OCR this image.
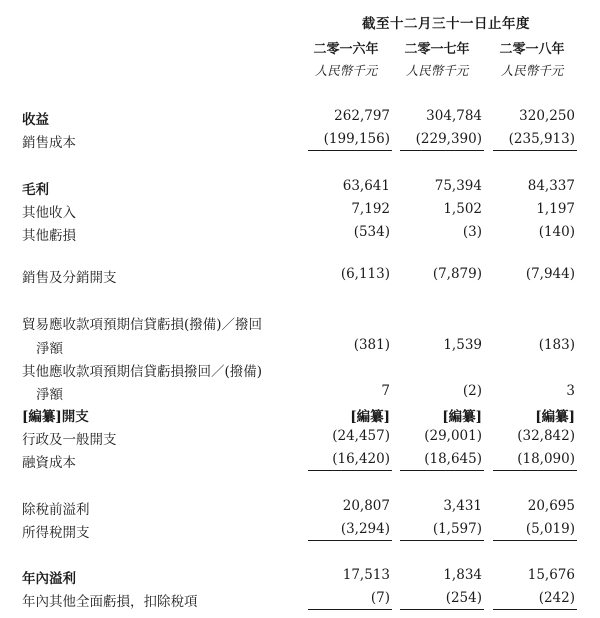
截至十二月三十一日止年度
二零一六年	二零一七年	二零一八年
人民幣千元	人民幣千元	人民幣千元
收益	262,797	304,784	320,250
銷售成本	(199,156)	(229,390)	(235,913)
毛利	63,641	75,394	84,337
其他收入	7,192	1,502	1,197
其他虧損	(534)	(3)	(140)
銷售及分銷開支	(6,113)	(7,879)	(7,944)
貿易應收款項預期信貸虧損(撥備)／撥回
淨額	(381)	1,539	(183)
其他應收款項預期信貸虧損撥回／(撥備)
淨額	7	(2)	3
[編纂]開支	[編纂]	[編纂]	[編纂]
行政及一般開支	(24,457)	(29,001)	(32,842)
融資成本	(16,420)	(18,645)	(18,090)
除稅前溢利	20,807	3,431	20,695
所得稅開支	(3,294)	(1,597)	(5,019)
年內溢利	17,513	1,834	15,676
年內其他全面虧損，扣除稅項	(7)	(254)	(242)
